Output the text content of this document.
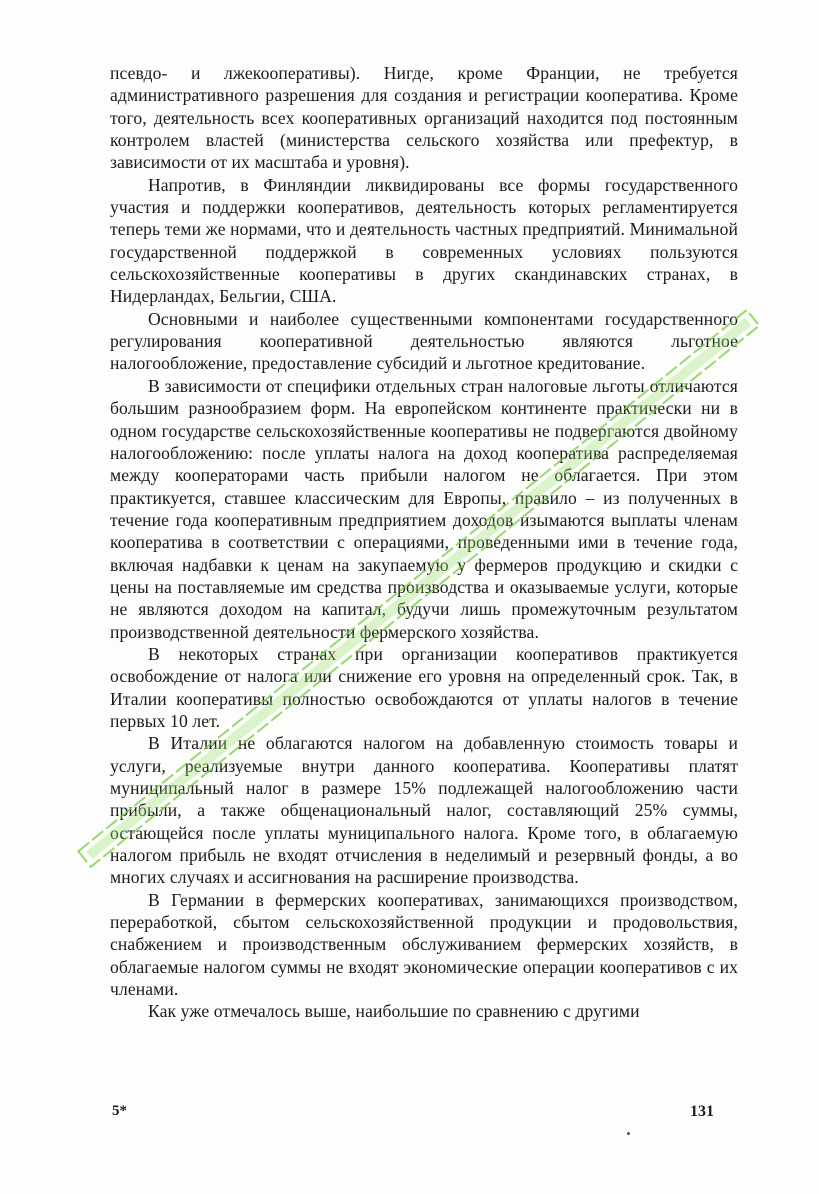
псевдо- и лжекооперативы). Нигде, кроме Франции, не требуется административного разрешения для создания и регистрации кооператива. Кроме того, деятельность всех кооперативных организаций находится под постоянным контролем властей (министерства сельского хозяйства или префектур, в зависимости от их масштаба и уровня).

Напротив, в Финляндии ликвидированы все формы государственного участия и поддержки кооперативов, деятельность которых регламентируется теперь теми же нормами, что и деятельность частных предприятий. Минимальной государственной поддержкой в современных условиях пользуются сельскохозяйственные кооперативы в других скандинавских странах, в Нидерландах, Бельгии, США.

Основными и наиболее существенными компонентами государственного регулирования кооперативной деятельностью являются льготное налогообложение, предоставление субсидий и льготное кредитование.

В зависимости от специфики отдельных стран налоговые льготы отличаются большим разнообразием форм. На европейском континенте практически ни в одном государстве сельскохозяйственные кооперативы не подвергаются двойному налогообложению: после уплаты налога на доход кооператива распределяемая между кооператорами часть прибыли налогом не облагается. При этом практикуется, ставшее классическим для Европы, правило – из полученных в течение года кооперативным предприятием доходов изымаются выплаты членам кооператива в соответствии с операциями, проведенными ими в течение года, включая надбавки к ценам на закупаемую у фермеров продукцию и скидки с цены на поставляемые им средства производства и оказываемые услуги, которые не являются доходом на капитал, будучи лишь промежуточным результатом производственной деятельности фермерского хозяйства.

В некоторых странах при организации кооперативов практикуется освобождение от налога или снижение его уровня на определенный срок. Так, в Италии кооперативы полностью освобождаются от уплаты налогов в течение первых 10 лет.

В Италии не облагаются налогом на добавленную стоимость товары и услуги, реализуемые внутри данного кооператива. Кооперативы платят муниципальный налог в размере 15% подлежащей налогообложению части прибыли, а также общенациональный налог, составляющий 25% суммы, остающейся после уплаты муниципального налога. Кроме того, в облагаемую налогом прибыль не входят отчисления в неделимый и резервный фонды, а во многих случаях и ассигнования на расширение производства.

В Германии в фермерских кооперативах, занимающихся производством, переработкой, сбытом сельскохозяйственной продукции и продовольствия, снабжением и производственным обслуживанием фермерских хозяйств, в облагаемые налогом суммы не входят экономические операции кооперативов с их членами.

Как уже отмечалось выше, наибольшие по сравнению с другими

5*	131
